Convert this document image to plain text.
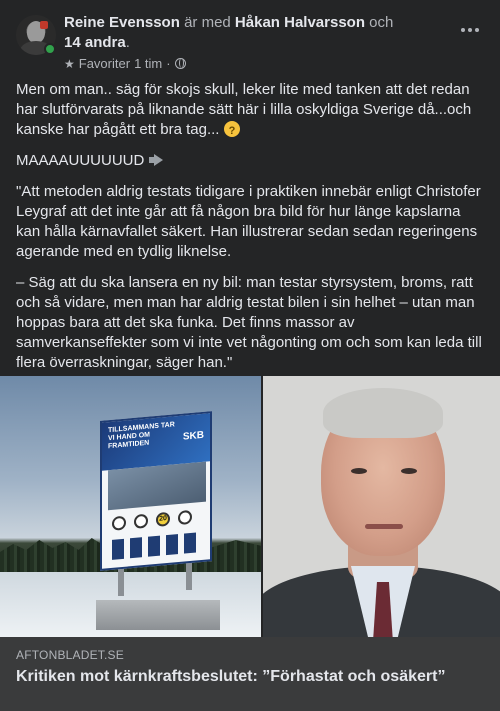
Reine Evensson är med Håkan Halvarsson och
14 andra.
★ Favoriter 1 tim ·

Men om man.. säg för skojs skull, leker lite med tanken att det redan har slutförvarats på liknande sätt här i lilla oskyldiga Sverige då...och kanske har pågått ett bra tag... ?

MAAAAUUUUUUD

"Att metoden aldrig testats tidigare i praktiken innebär enligt Christofer Leygraf att det inte går att få någon bra bild för hur länge kapslarna kan hålla kärnavfallet säkert. Han illustrerar sedan sedan regeringens agerande med en tydlig liknelse.

– Säg att du ska lansera en ny bil: man testar styrsystem, broms, ratt och så vidare, men man har aldrig testat bilen i sin helhet – utan man hoppas bara att det ska funka. Det finns massor av samverkanseffekter som vi inte vet någonting om och som kan leda till flera överraskningar, säger han."

TILLSAMMANS TAR VI HAND OM FRAMTIDEN
SKB
20
AFTONBLADET.SE
Kritiken mot kärnkraftsbeslutet: ”Förhastat och osäkert”
